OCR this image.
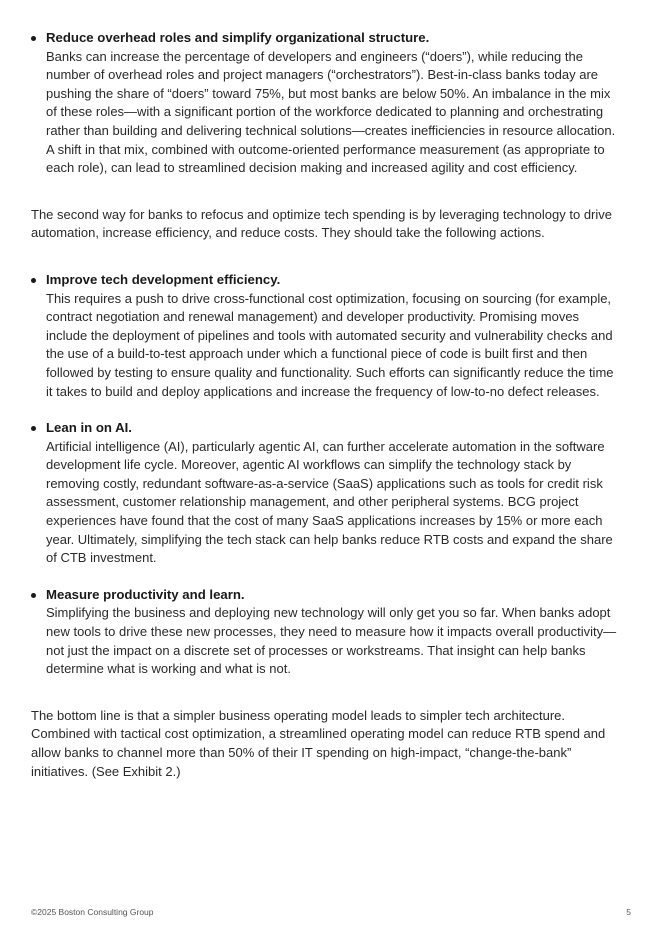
Reduce overhead roles and simplify organizational structure.

Banks can increase the percentage of developers and engineers (“doers”), while reducing the number of overhead roles and project managers (“orchestrators”). Best-in-class banks today are pushing the share of “doers” toward 75%, but most banks are below 50%. An imbalance in the mix of these roles—with a significant portion of the workforce dedicated to planning and orchestrating rather than building and delivering technical solutions—creates inefficiencies in resource allocation. A shift in that mix, combined with outcome-oriented performance measurement (as appropriate to each role), can lead to streamlined decision making and increased agility and cost efficiency.

The second way for banks to refocus and optimize tech spending is by leveraging technology to drive automation, increase efficiency, and reduce costs. They should take the following actions.

Improve tech development efficiency.

This requires a push to drive cross-functional cost optimization, focusing on sourcing (for example, contract negotiation and renewal management) and developer productivity. Promising moves include the deployment of pipelines and tools with automated security and vulnerability checks and the use of a build-to-test approach under which a functional piece of code is built first and then followed by testing to ensure quality and functionality. Such efforts can significantly reduce the time it takes to build and deploy applications and increase the frequency of low-to-no defect releases.

Lean in on AI.

Artificial intelligence (AI), particularly agentic AI, can further accelerate automation in the software development life cycle. Moreover, agentic AI workflows can simplify the technology stack by removing costly, redundant software-as-a-service (SaaS) applications such as tools for credit risk assessment, customer relationship management, and other peripheral systems. BCG project experiences have found that the cost of many SaaS applications increases by 15% or more each year. Ultimately, simplifying the tech stack can help banks reduce RTB costs and expand the share of CTB investment.

Measure productivity and learn.

Simplifying the business and deploying new technology will only get you so far. When banks adopt new tools to drive these new processes, they need to measure how it impacts overall productivity—not just the impact on a discrete set of processes or workstreams. That insight can help banks determine what is working and what is not.

The bottom line is that a simpler business operating model leads to simpler tech architecture. Combined with tactical cost optimization, a streamlined operating model can reduce RTB spend and allow banks to channel more than 50% of their IT spending on high-impact, “change-the-bank” initiatives. (See Exhibit 2.)

©2025 Boston Consulting Group	5
